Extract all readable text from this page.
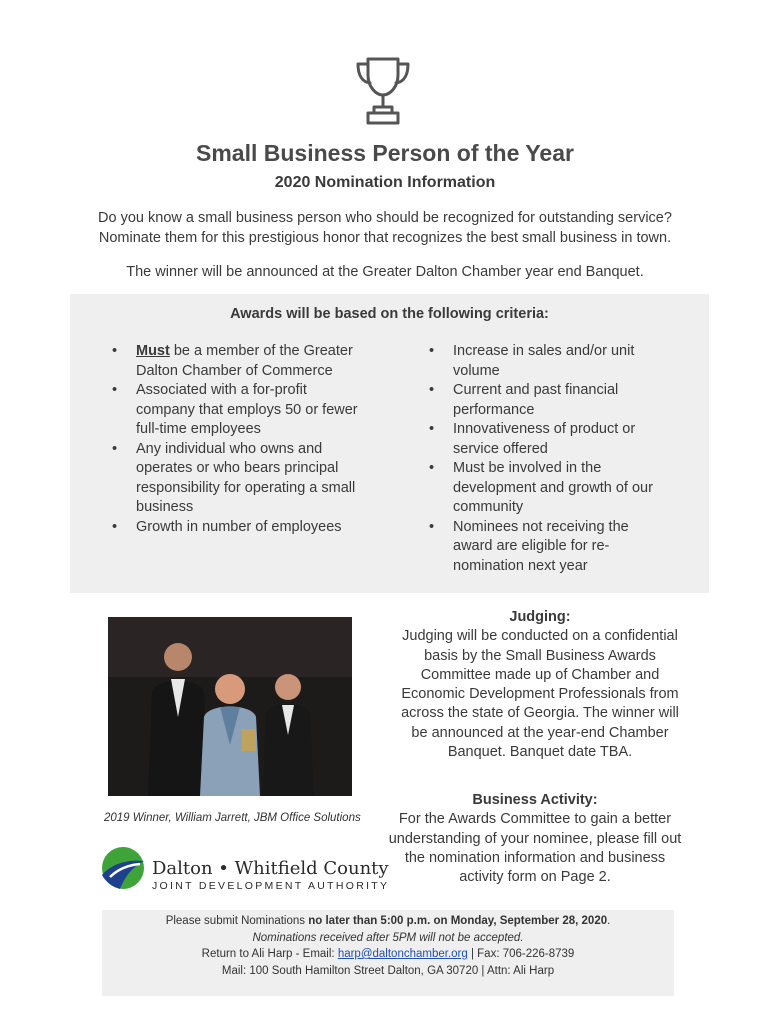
Small Business Person of the Year
2020 Nomination Information
Do you know a small business person who should be recognized for outstanding service?
Nominate them for this prestigious honor that recognizes the best small business in town.
The winner will be announced at the Greater Dalton Chamber year end Banquet.
Awards will be based on the following criteria:
• Must be a member of the Greater Dalton Chamber of Commerce
• Associated with a for-profit company that employs 50 or fewer full-time employees
• Any individual who owns and operates or who bears principal responsibility for operating a small business
• Growth in number of employees
• Increase in sales and/or unit volume
• Current and past financial performance
• Innovativeness of product or service offered
• Must be involved in the development and growth of our community
• Nominees not receiving the award are eligible for re-nomination next year
2019 Winner, William Jarrett, JBM Office Solutions
Dalton • Whitfield County
JOINT DEVELOPMENT AUTHORITY
Judging:
Judging will be conducted on a confidential basis by the Small Business Awards Committee made up of Chamber and Economic Development Professionals from across the state of Georgia. The winner will be announced at the year-end Chamber Banquet. Banquet date TBA.
Business Activity:
For the Awards Committee to gain a better understanding of your nominee, please fill out the nomination information and business activity form on Page 2.
Please submit Nominations no later than 5:00 p.m. on Monday, September 28, 2020.
Nominations received after 5PM will not be accepted.
Return to Ali Harp - Email: harp@daltonchamber.org | Fax: 706-226-8739
Mail: 100 South Hamilton Street Dalton, GA 30720 | Attn: Ali Harp
